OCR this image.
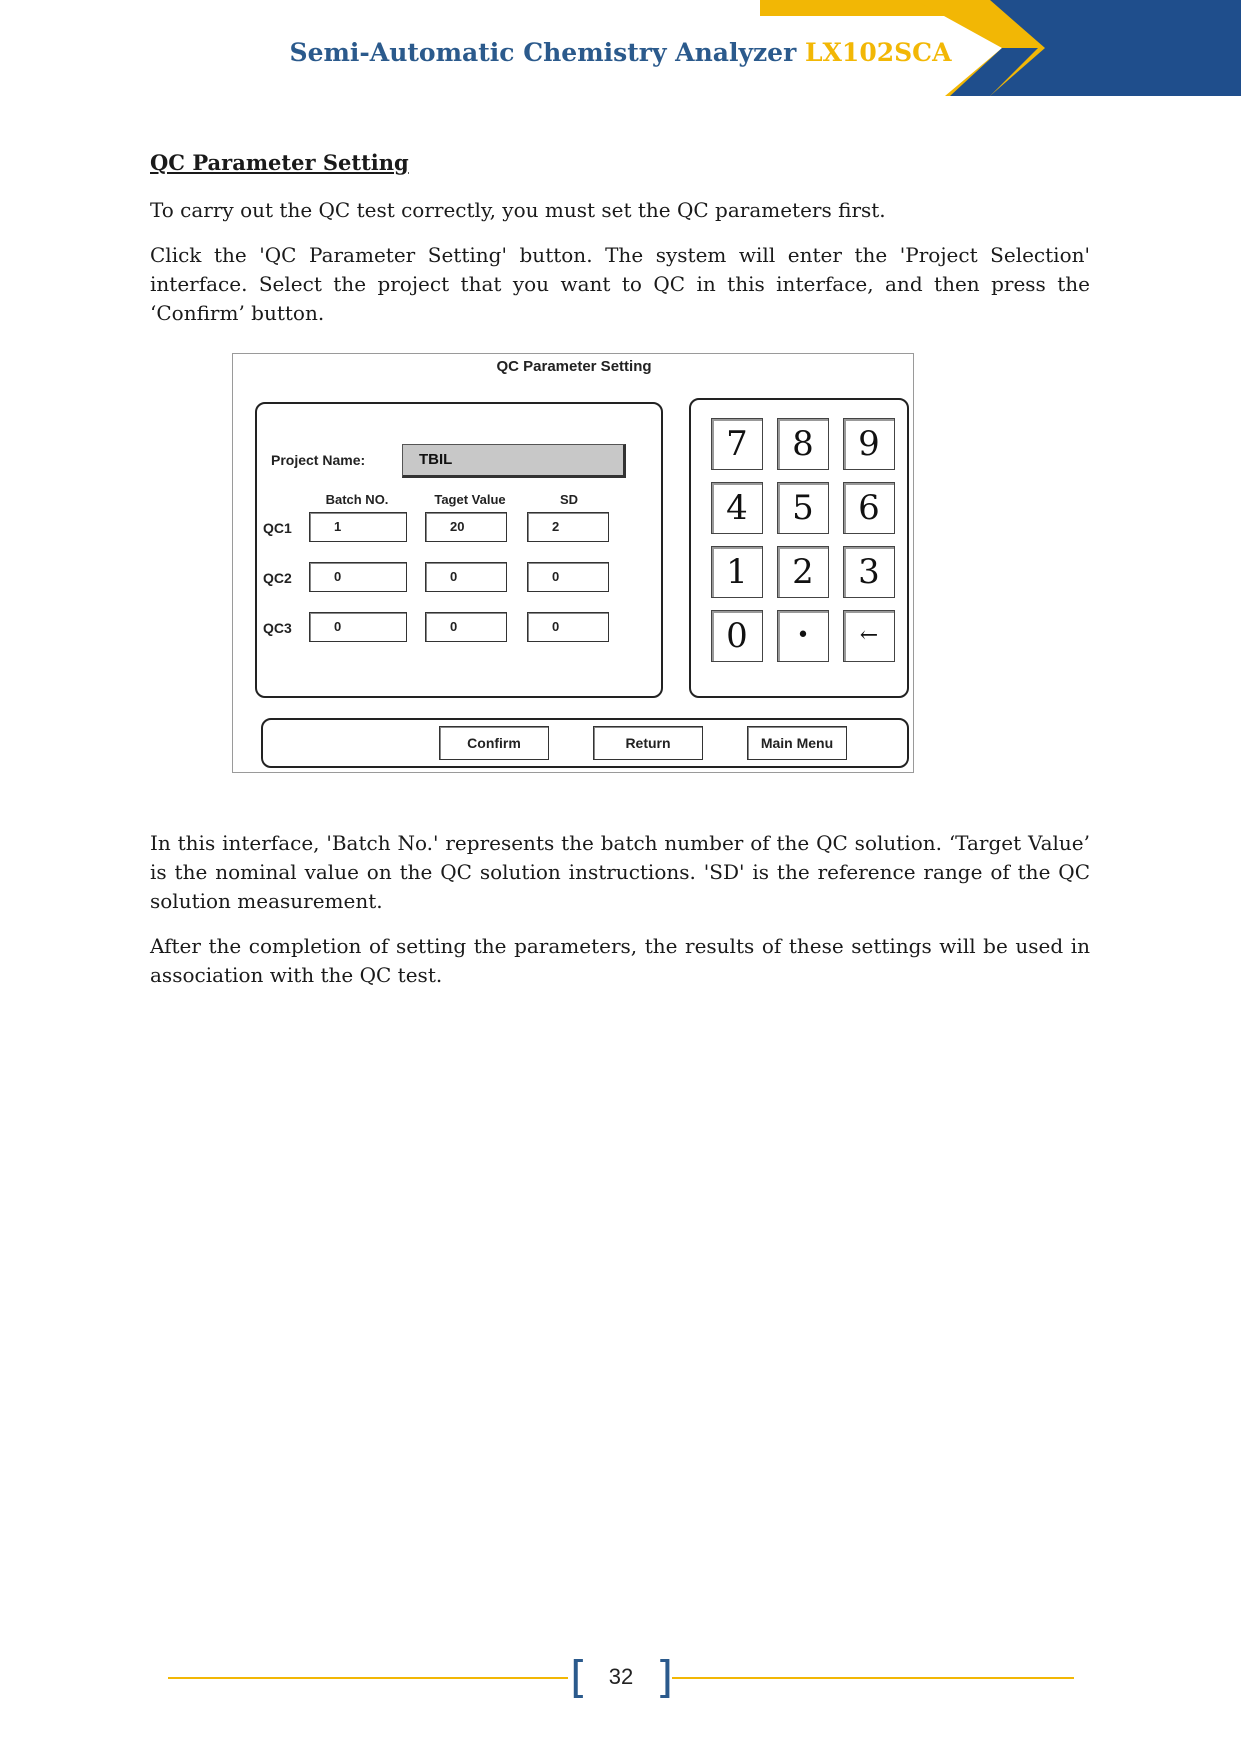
Semi-Automatic Chemistry Analyzer LX102SCA
QC Parameter Setting

To carry out the QC test correctly, you must set the QC parameters first.

Click the 'QC Parameter Setting' button. The system will enter the 'Project Selection' interface. Select the project that you want to QC in this interface, and then press the ‘Confirm’ button.

QC Parameter Setting
Project Name:	TBIL
Batch NO.	Taget Value	SD
QC1	1	20	2
QC2	0	0	0
QC3	0	0	0
7	8	9
4	5	6
1	2	3
0	•	←
Confirm	Return	Main Menu

In this interface, 'Batch No.' represents the batch number of the QC solution. ‘Target Value’ is the nominal value on the QC solution instructions. 'SD' is the reference range of the QC solution measurement.

After the completion of setting the parameters, the results of these settings will be used in association with the QC test.

[ ]
32
